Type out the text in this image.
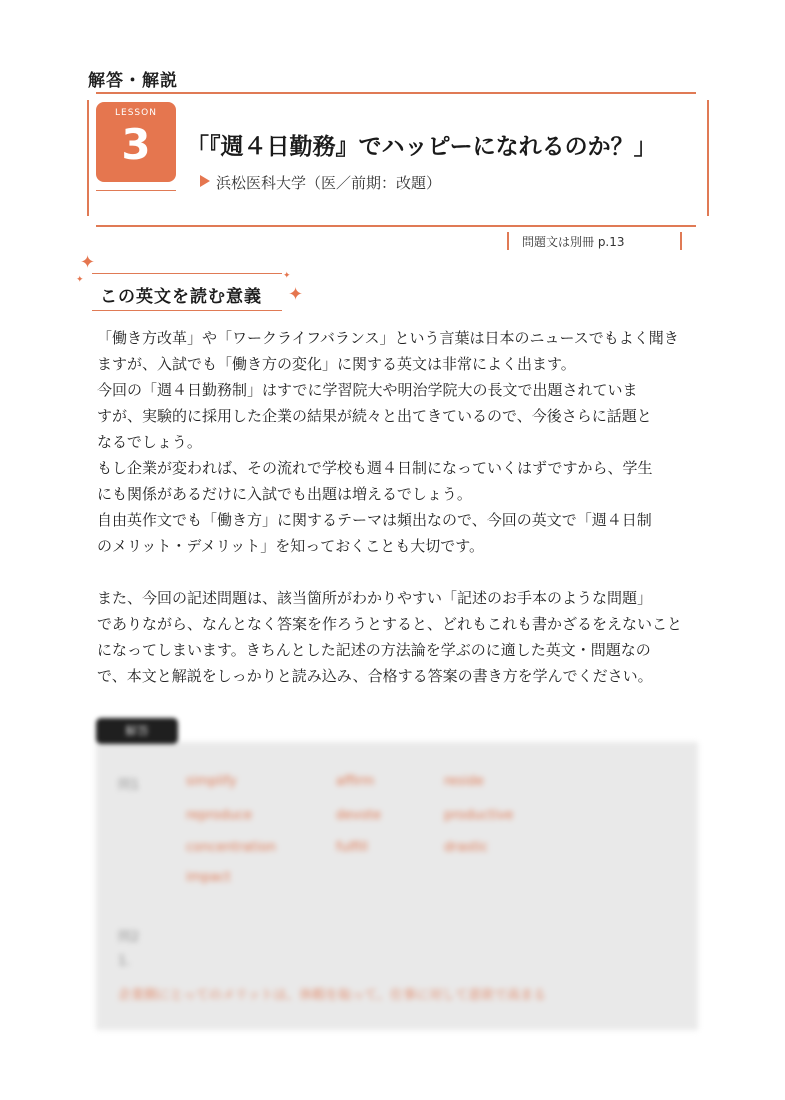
解答・解説
LESSON
3	「『週４日勤務』でハッピーになれるのか？」
浜松医科大学（医／前期：改題）
問題文は別冊 p.13
✦
✦
この英文を読む意義 ✦
✦
「働き方改革」や「ワークライフバランス」という言葉は日本のニュースでもよく聞き
ますが、入試でも「働き方の変化」に関する英文は非常によく出ます。
今回の「週４日勤務制」はすでに学習院大や明治学院大の長文で出題されていま
すが、実験的に採用した企業の結果が続々と出てきているので、今後さらに話題と
なるでしょう。
もし企業が変われば、その流れで学校も週４日制になっていくはずですから、学生
にも関係があるだけに入試でも出題は増えるでしょう。
自由英作文でも「働き方」に関するテーマは頻出なので、今回の英文で「週４日制
のメリット・デメリット」を知っておくことも大切です。
また、今回の記述問題は、該当箇所がわかりやすい「記述のお手本のような問題」
でありながら、なんとなく答案を作ろうとすると、どれもこれも書かざるをえないこと
になってしまいます。きちんとした記述の方法論を学ぶのに適した英文・問題なの
で、本文と解説をしっかりと読み込み、合格する答案の書き方を学んでください。
問1	simplify	affirm	reside
reproduce	devote	productive
concentration	fulfill	drastic
impact
問2
1.
企業側にとってのメリットは、休暇を取って、仕事に対して意欲で高まる
解答
